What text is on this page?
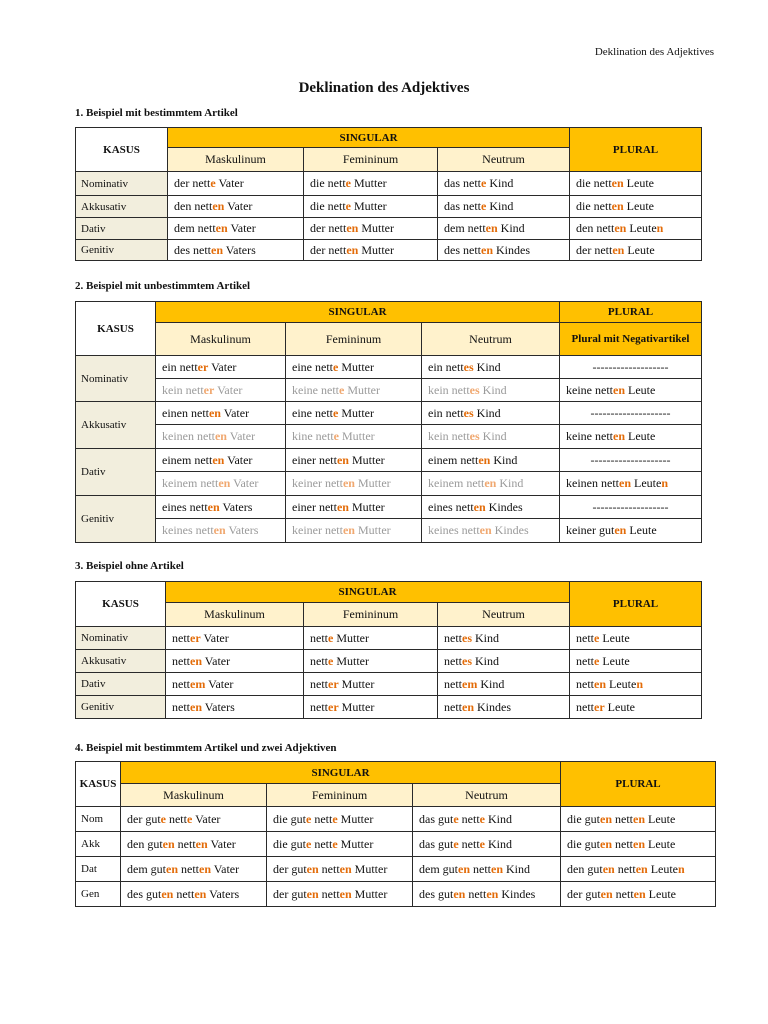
Deklination des Adjektives
Deklination des Adjektives
1. Beispiel mit bestimmtem Artikel
KASUS	SINGULAR			PLURAL
	Maskulinum	Femininum	Neutrum	
Nominativ	der nette Vater	die nette Mutter	das nette Kind	die netten Leute
Akkusativ	den netten Vater	die nette Mutter	das nette Kind	die netten Leute
Dativ	dem netten Vater	der netten Mutter	dem netten Kind	den netten Leuten
Genitiv	des netten Vaters	der netten Mutter	des netten Kindes	der netten Leute
2. Beispiel mit unbestimmtem Artikel
KASUS	SINGULAR			PLURAL
	Maskulinum	Femininum	Neutrum	Plural mit Negativartikel

Nominativ	ein netter Vater	eine nette Mutter	ein nettes Kind	-------------------
	kein netter Vater	keine nette Mutter	kein nettes Kind	keine netten Leute
Akkusativ	einen netten Vater	eine nette Mutter	ein nettes Kind	--------------------
	keinen netten Vater	kine nette Mutter	kein nettes Kind	keine netten Leute
Dativ	einem netten Vater	einer netten Mutter	einem netten Kind	--------------------
	keinem netten Vater	keiner netten Mutter	keinem netten Kind	keinen netten Leuten
Genitiv	eines netten Vaters	einer netten Mutter	eines netten Kindes	-------------------
	keines netten Vaters	keiner netten Mutter	keines netten Kindes	keiner guten Leute
3. Beispiel ohne Artikel
KASUS	SINGULAR			PLURAL
	Maskulinum	Femininum	Neutrum	
Nominativ	netter Vater	nette Mutter	nettes Kind	nette Leute
Akkusativ	netten Vater	nette Mutter	nettes Kind	nette Leute
Dativ	nettem Vater	netter Mutter	nettem Kind	netten Leuten
Genitiv	netten Vaters	netter Mutter	netten Kindes	netter Leute
4. Beispiel mit bestimmtem Artikel und zwei Adjektiven
KASUS	SINGULAR			PLURAL
	Maskulinum	Femininum	Neutrum	
Nom	der gute nette Vater	die gute nette Mutter	das gute nette Kind	die guten netten Leute
Akk	den guten netten Vater	die gute nette Mutter	das gute nette Kind	die guten netten Leute
Dat	dem guten netten Vater	der guten netten Mutter	dem guten netten Kind	den guten netten Leuten
Gen	des guten netten Vaters	der guten netten Mutter	des guten netten Kindes	der guten netten Leute
